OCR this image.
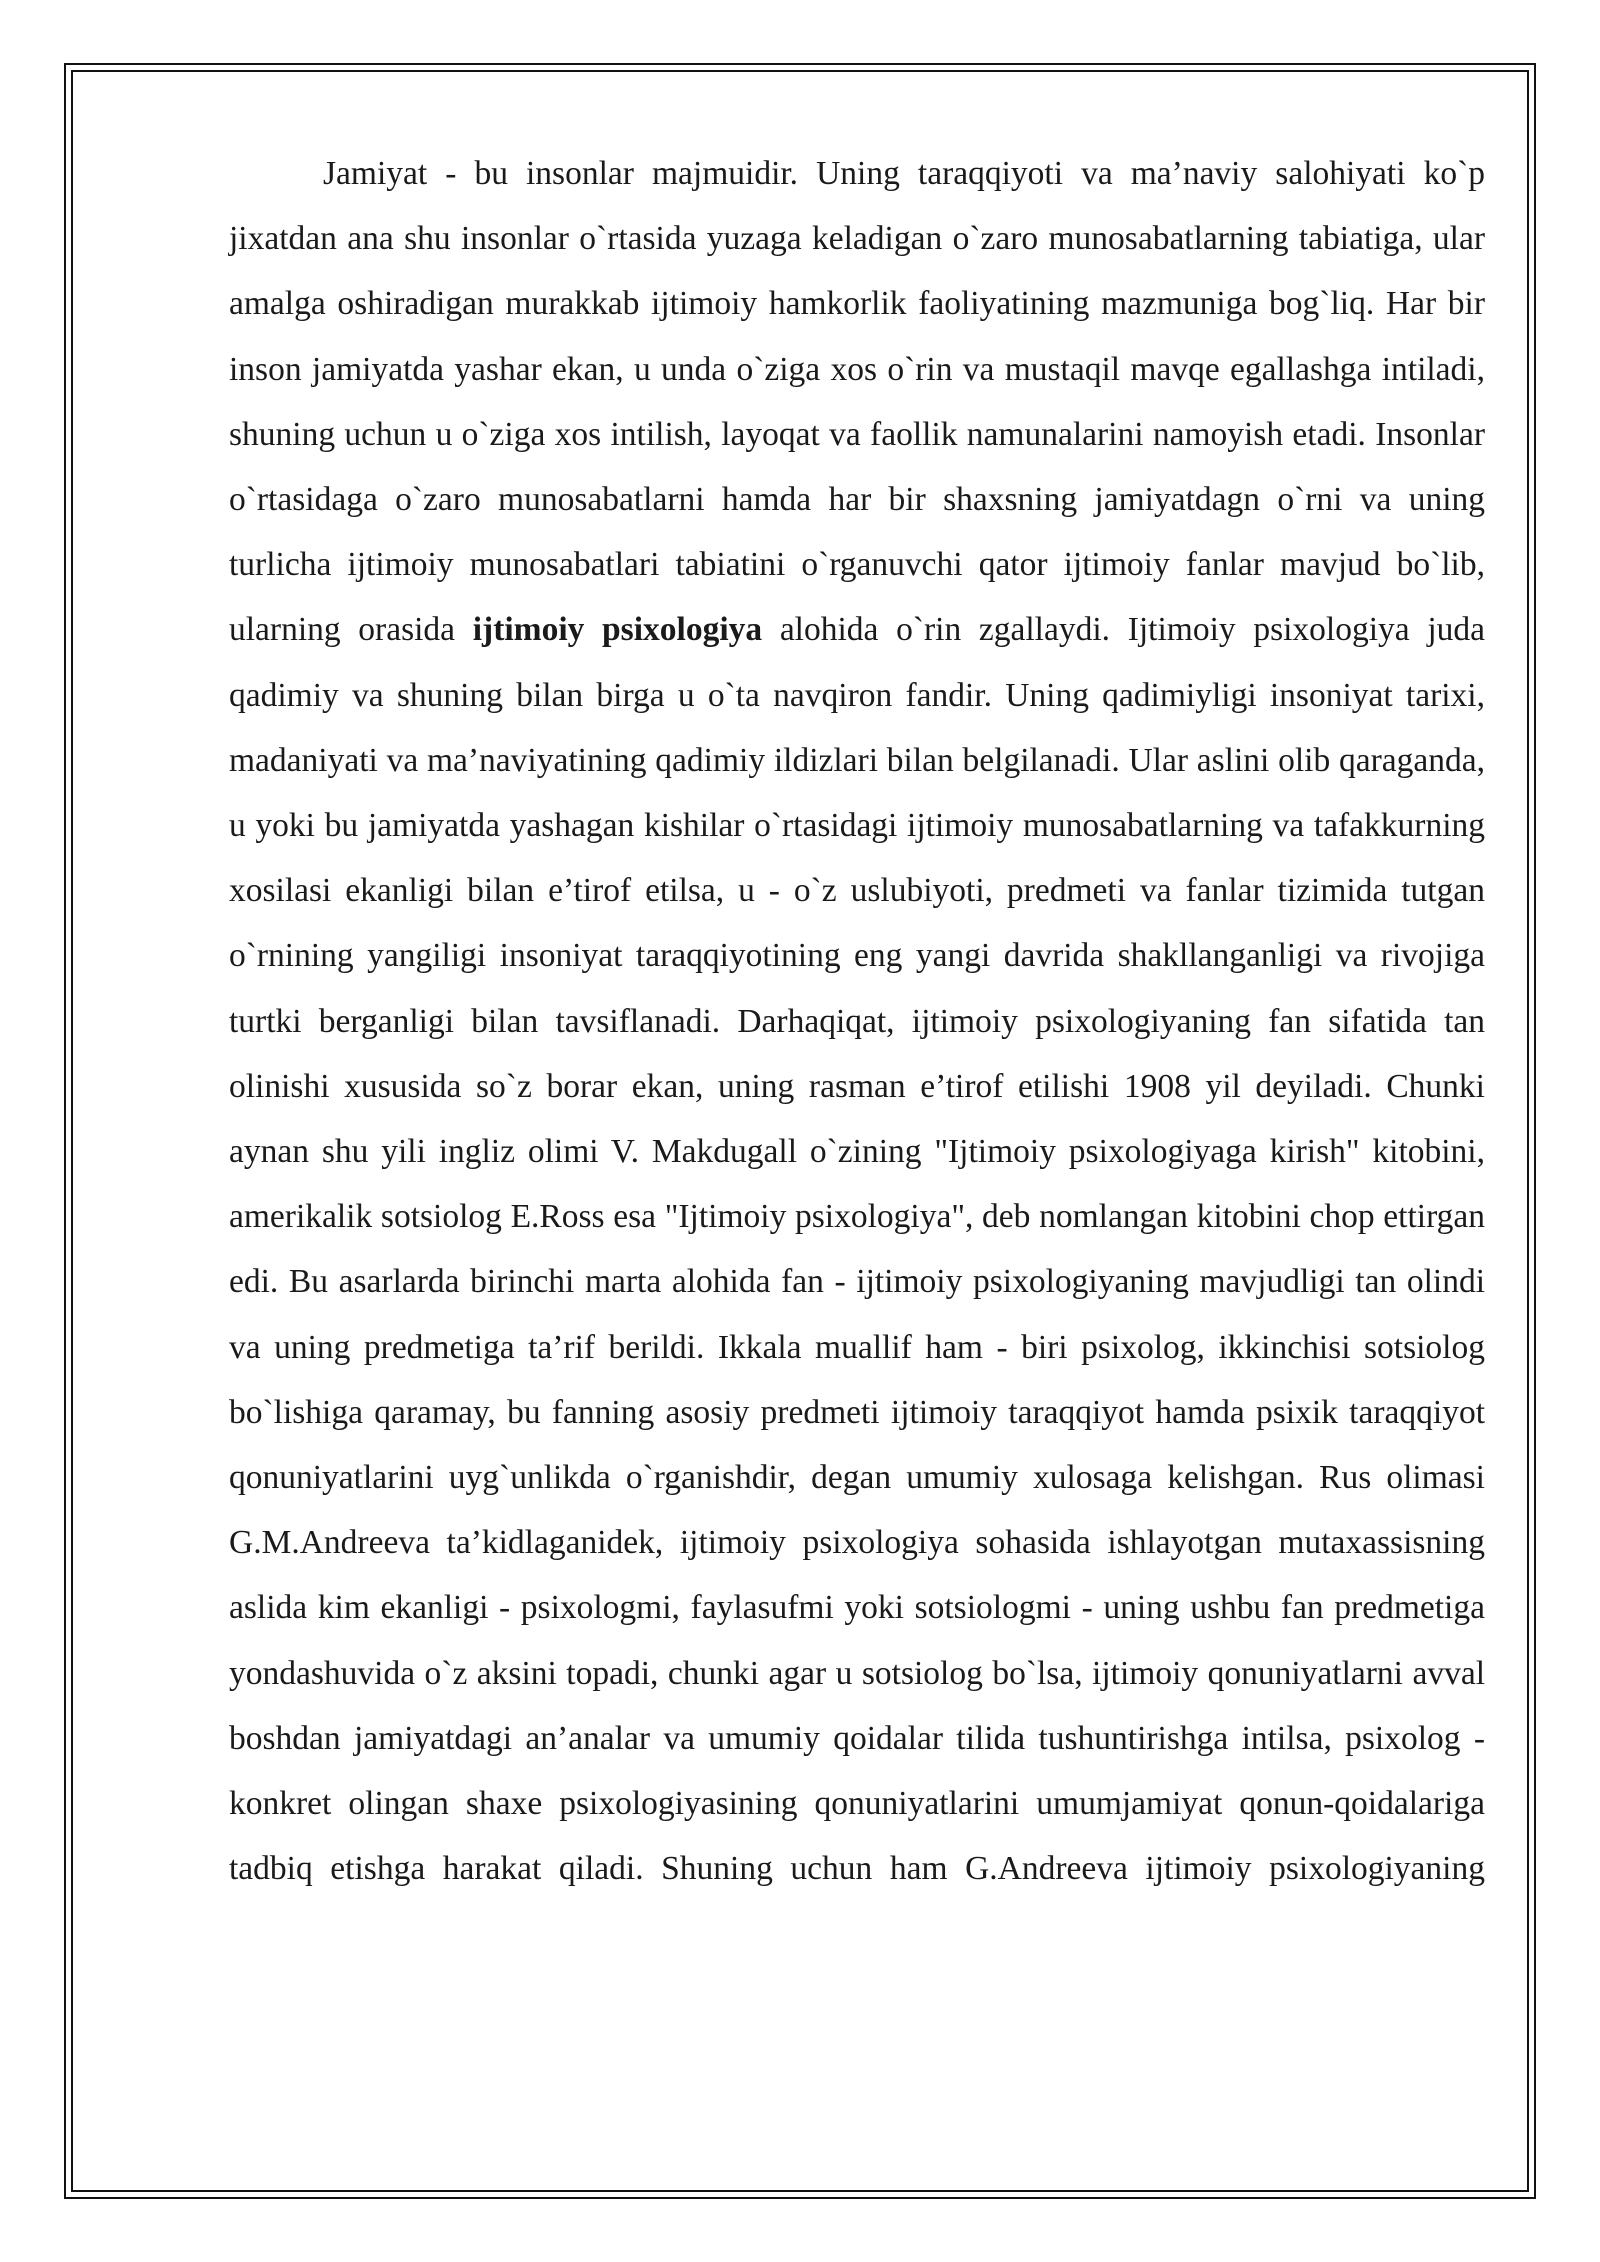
Jamiyat - bu insonlar majmuidir. Uning taraqqiyoti va ma’naviy salohiyati ko`p jixatdan ana shu insonlar o`rtasida yuzaga keladigan o`zaro munosabatlarning tabiatiga, ular amalga oshiradigan murakkab ijtimoiy hamkorlik faoliyatining mazmuniga bog`liq. Har bir inson jamiyatda yashar ekan, u unda o`ziga xos o`rin va mustaqil mavqe egallashga intiladi, shuning uchun u o`ziga xos intilish, layoqat va faollik namunalarini namoyish etadi. Insonlar o`rtasidaga o`zaro munosabatlarni hamda har bir shaxsning jamiyatdagn o`rni va uning turlicha ijtimoiy munosabatlari tabiatini o`rganuvchi qator ijtimoiy fanlar mavjud bo`lib, ularning orasida ijtimoiy psixologiya alohida o`rin zgallaydi. Ijtimoiy psixologiya juda qadimiy va shuning bilan birga u o`ta navqiron fandir. Uning qadimiyligi insoniyat tarixi, madaniyati va ma’naviyatining qadimiy ildizlari bilan belgilanadi. Ular aslini olib qaraganda, u yoki bu jamiyatda yashagan kishilar o`rtasidagi ijtimoiy munosabatlarning va tafakkurning xosilasi ekanligi bilan e’tirof etilsa, u - o`z uslubiyoti, predmeti va fanlar tizimida tutgan o`rnining yangiligi insoniyat taraqqiyotining eng yangi davrida shakllanganligi va rivojiga turtki berganligi bilan tavsiflanadi. Darhaqiqat, ijtimoiy psixologiyaning fan sifatida tan olinishi xususida so`z borar ekan, uning rasman e’tirof etilishi 1908 yil deyiladi. Chunki aynan shu yili ingliz olimi V. Makdugall o`zining "Ijtimoiy psixologiyaga kirish" kitobini, amerikalik sotsiolog E.Ross esa "Ijtimoiy psixologiya", deb nomlangan kitobini chop ettirgan edi. Bu asarlarda birinchi marta alohida fan - ijtimoiy psixologiyaning mavjudligi tan olindi va uning predmetiga ta’rif berildi. Ikkala muallif ham - biri psixolog, ikkinchisi sotsiolog bo`lishiga qaramay, bu fanning asosiy predmeti ijtimoiy taraqqiyot hamda psixik taraqqiyot qonuniyatlarini uyg`unlikda o`rganishdir, degan umumiy xulosaga kelishgan. Rus olimasi G.M.Andreeva ta’kidlaganidek, ijtimoiy psixologiya sohasida ishlayotgan mutaxassisning aslida kim ekanligi - psixologmi, faylasufmi yoki sotsiologmi - uning ushbu fan predmetiga yondashuvida o`z aksini topadi, chunki agar u sotsiolog bo`lsa, ijtimoiy qonuniyatlarni avval boshdan jamiyatdagi an’analar va umumiy qoidalar tilida tushuntirishga intilsa, psixolog - konkret olingan shaxe psixologiyasining qonuniyatlarini umumjamiyat qonun-qoidalariga tadbiq etishga harakat qiladi. Shuning uchun ham G.Andreeva ijtimoiy psixologiyaning
